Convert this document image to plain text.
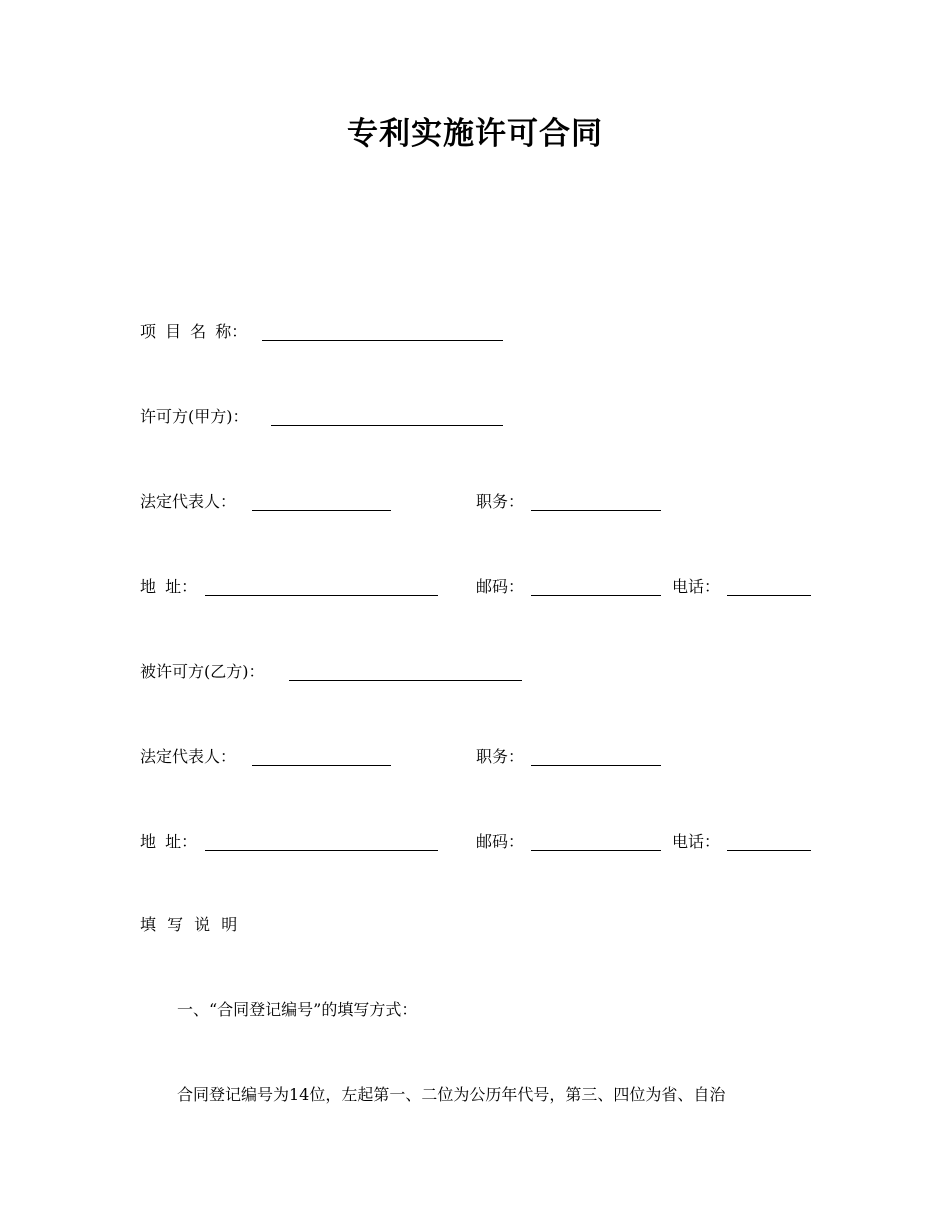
专利实施许可合同
项 目 名 称：
许可方(甲方)：
法定代表人：	职务：
地 址：	邮码：	电话：
被许可方(乙方)：
法定代表人：	职务：
地 址：	邮码：	电话：
填 写 说 明
一、“合同登记编号”的填写方式：
合同登记编号为14位，左起第一、二位为公历年代号，第三、四位为省、自治
